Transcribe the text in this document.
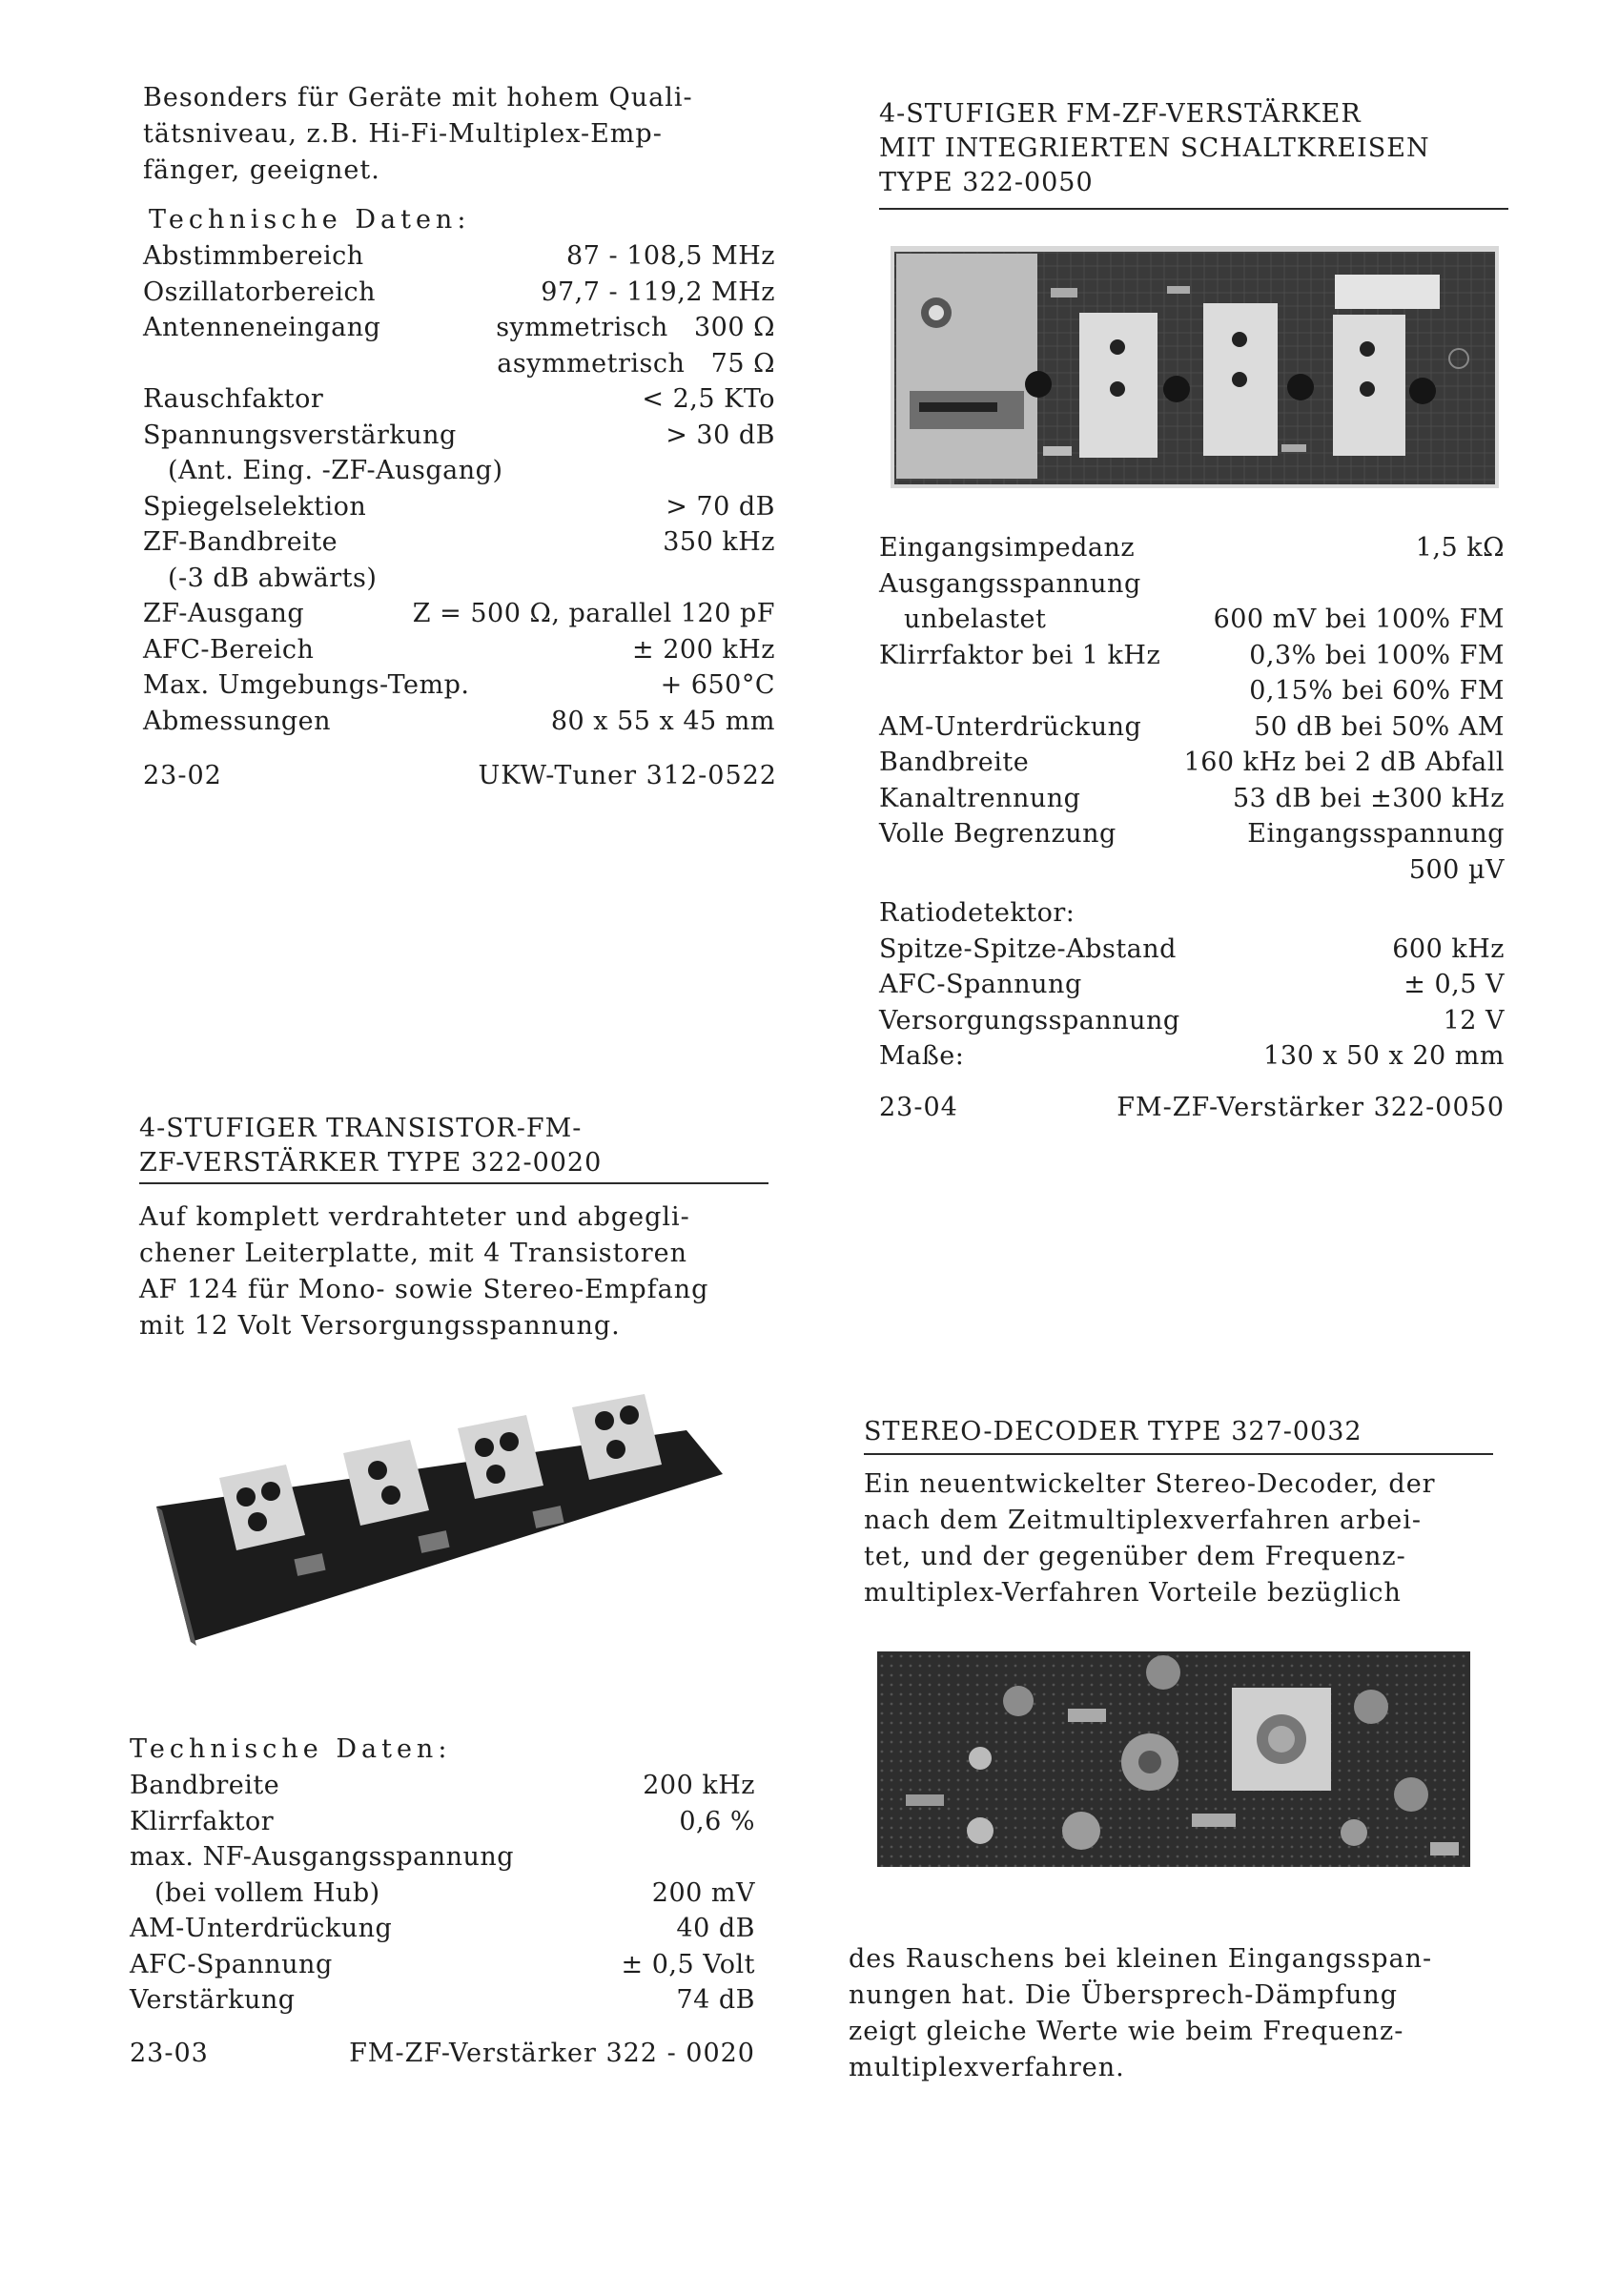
Besonders für Geräte mit hohem Quali-
tätsniveau, z.B. Hi-Fi-Multiplex-Emp-
fänger, geeignet.
Technische Daten:
Abstimmbereich	87 - 108,5 MHz
Oszillatorbereich	97,7 - 119,2 MHz
Antenneneingang	symmetrisch   300 Ω
asymmetrisch   75 Ω
Rauschfaktor	< 2,5 KTo
Spannungsverstärkung	> 30 dB
(Ant. Eing. -ZF-Ausgang)
Spiegelselektion	> 70 dB
ZF-Bandbreite	350 kHz
(-3 dB abwärts)
ZF-Ausgang	Z = 500 Ω, parallel 120 pF
AFC-Bereich	± 200 kHz
Max. Umgebungs-Temp.	+ 650°C
Abmessungen	80 x 55 x 45 mm
23-02	UKW-Tuner 312-0522
4-STUFIGER FM-ZF-VERSTÄRKER
MIT INTEGRIERTEN SCHALTKREISEN
TYPE 322-0050
Eingangsimpedanz	1,5 kΩ
Ausgangsspannung
unbelastet	600 mV bei 100% FM
Klirrfaktor bei 1 kHz	0,3% bei 100% FM
0,15% bei 60% FM
AM-Unterdrückung	50 dB bei 50% AM
Bandbreite	160 kHz bei 2 dB Abfall
Kanaltrennung	53 dB bei ±300 kHz
Volle Begrenzung	Eingangsspannung
500 µV
Ratiodetektor:
Spitze-Spitze-Abstand	600 kHz
AFC-Spannung	± 0,5 V
Versorgungsspannung	12 V
Maße:	130 x 50 x 20 mm
23-04	FM-ZF-Verstärker 322-0050
4-STUFIGER TRANSISTOR-FM-
ZF-VERSTÄRKER TYPE 322-0020
Auf komplett verdrahteter und abgegli-
chener Leiterplatte, mit 4 Transistoren
AF 124 für Mono- sowie Stereo-Empfang
mit 12 Volt Versorgungsspannung.
Technische Daten:
Bandbreite	200 kHz
Klirrfaktor	0,6 %
max. NF-Ausgangsspannung
(bei vollem Hub)	200 mV
AM-Unterdrückung	40 dB
AFC-Spannung	± 0,5 Volt
Verstärkung	74 dB
23-03	FM-ZF-Verstärker 322 - 0020
STEREO-DECODER TYPE 327-0032
Ein neuentwickelter Stereo-Decoder, der
nach dem Zeitmultiplexverfahren arbei-
tet, und der gegenüber dem Frequenz-
multiplex-Verfahren Vorteile bezüglich
des Rauschens bei kleinen Eingangsspan-
nungen hat. Die Übersprech-Dämpfung
zeigt gleiche Werte wie beim Frequenz-
multiplexverfahren.
